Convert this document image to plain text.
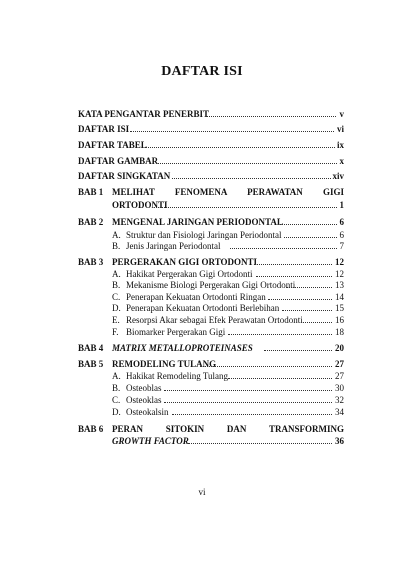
DAFTAR ISI
KATA PENGANTAR PENERBIT	v
DAFTAR ISI	vi
DAFTAR TABEL	ix
DAFTAR GAMBAR	x
DAFTAR SINGKATAN	xiv
BAB 1 MELIHAT FENOMENA PERAWATAN GIGI
ORTODONTI	1
BAB 2 MENGENAL JARINGAN PERIODONTAL	6
A. Struktur dan Fisiologi Jaringan Periodontal	6
B. Jenis Jaringan Periodontal	7
BAB 3 PERGERAKAN GIGI ORTODONTI	12
A. Hakikat Pergerakan Gigi Ortodonti	12
B. Mekanisme Biologi Pergerakan Gigi Ortodonti	13
C. Penerapan Kekuatan Ortodonti Ringan	14
D. Penerapan Kekuatan Ortodonti Berlebihan	15
E. Resorpsi Akar sebagai Efek Perawatan Ortodonti	16
F. Biomarker Pergerakan Gigi	18
BAB 4 MATRIX METALLOPROTEINASES	20
BAB 5 REMODELING TULANG	27
A. Hakikat Remodeling Tulang	27
B. Osteoblas	30
C. Osteoklas	32
D. Osteokalsin	34
BAB 6 PERAN SITOKIN DAN TRANSFORMING
GROWTH FACTOR	36
vi
